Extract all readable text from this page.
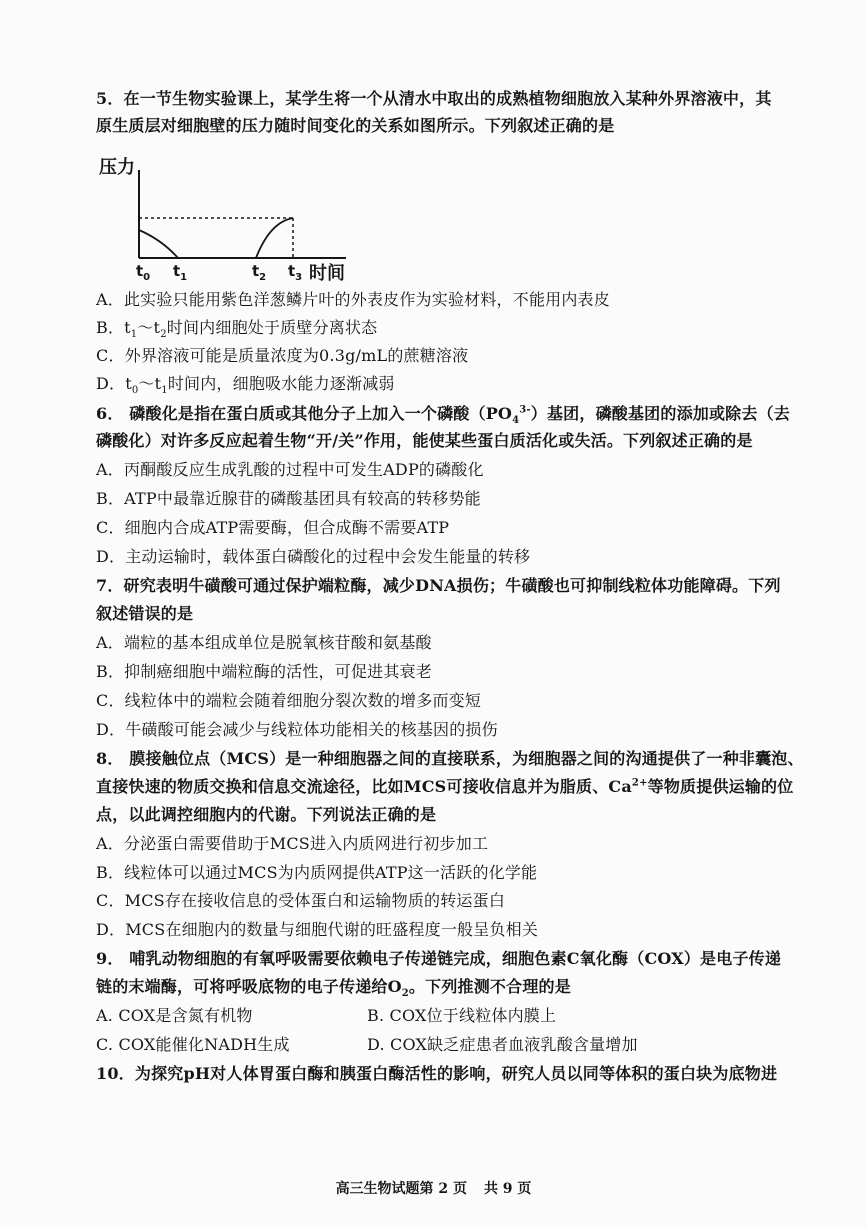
5．在一节生物实验课上，某学生将一个从清水中取出的成熟植物细胞放入某种外界溶液中，其
原生质层对细胞壁的压力随时间变化的关系如图所示。下列叙述正确的是
压力
$t_0$ $t_1$	$t_2$ $t_3$ 时间
A．此实验只能用紫色洋葱鳞片叶的外表皮作为实验材料，不能用内表皮
B．$t_1\sim t_2$时间内细胞处于质壁分离状态
C．外界溶液可能是质量浓度为0.3g/mL的蔗糖溶液
D．$t_0\sim t_1$时间内，细胞吸水能力逐渐减弱
6． 磷酸化是指在蛋白质或其他分子上加入一个磷酸$(PO_4^{3-})$基团，磷酸基团的添加或除去（去
磷酸化）对许多反应起着生物“开/关”作用，能使某些蛋白质活化或失活。下列叙述正确的是
A．丙酮酸反应生成乳酸的过程中可发生ADP的磷酸化
B．ATP中最靠近腺苷的磷酸基团具有较高的转移势能
C．细胞内合成ATP需要酶，但合成酶不需要ATP
D．主动运输时，载体蛋白磷酸化的过程中会发生能量的转移
7．研究表明牛磺酸可通过保护端粒酶，减少DNA损伤；牛磺酸也可抑制线粒体功能障碍。下列
叙述错误的是
A．端粒的基本组成单位是脱氧核苷酸和氨基酸
B．抑制癌细胞中端粒酶的活性，可促进其衰老
C．线粒体中的端粒会随着细胞分裂次数的增多而变短
D．牛磺酸可能会减少与线粒体功能相关的核基因的损伤
8． 膜接触位点（MCS）是一种细胞器之间的直接联系，为细胞器之间的沟通提供了一种非囊泡、
直接快速的物质交换和信息交流途径，比如MCS可接收信息并为脂质、$Ca^{2+}$等物质提供运输的位
点，以此调控细胞内的代谢。下列说法正确的是
A．分泌蛋白需要借助于MCS进入内质网进行初步加工
B．线粒体可以通过MCS为内质网提供ATP这一活跃的化学能
C．MCS存在接收信息的受体蛋白和运输物质的转运蛋白
D．MCS在细胞内的数量与细胞代谢的旺盛程度一般呈负相关
9． 哺乳动物细胞的有氧呼吸需要依赖电子传递链完成，细胞色素C氧化酶（COX）是电子传递
链的末端酶，可将呼吸底物的电子传递给$O_2$。下列推测不合理的是
A. COX是含氮有机物	B. COX位于线粒体内膜上
C. COX能催化NADH生成	D. COX缺乏症患者血液乳酸含量增加
10．为探究pH对人体胃蛋白酶和胰蛋白酶活性的影响，研究人员以同等体积的蛋白块为底物进
高三生物试题第 2 页 共 9 页
